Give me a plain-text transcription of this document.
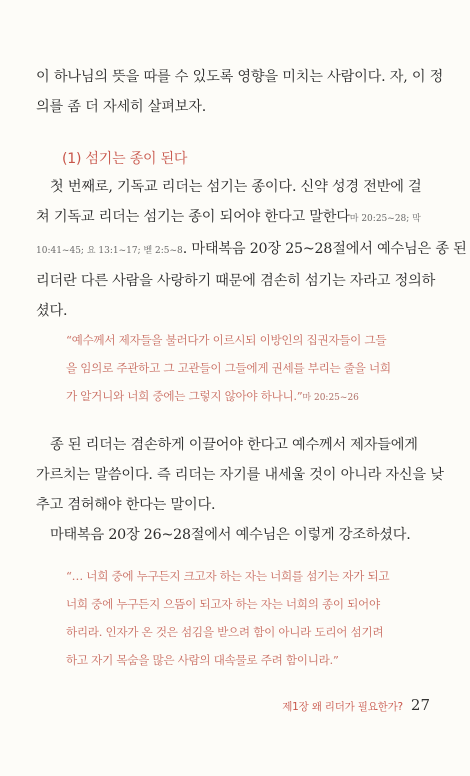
이 하나님의 뜻을 따를 수 있도록 영향을 미치는 사람이다. 자, 이 정
의를 좀 더 자세히 살펴보자.
(1) 섬기는 종이 된다
첫 번째로, 기독교 리더는 섬기는 종이다. 신약 성경 전반에 걸
쳐 기독교 리더는 섬기는 종이 되어야 한다고 말한다마 20:25~28; 막
10:41~45; 요 13:1~17; 벧 2:5~8. 마태복음 20장 25~28절에서 예수님은 종 된
리더란 다른 사람을 사랑하기 때문에 겸손히 섬기는 자라고 정의하
셨다.
“예수께서 제자들을 불러다가 이르시되 이방인의 집권자들이 그들
을 임의로 주관하고 그 고관들이 그들에게 권세를 부리는 줄을 너희
가 알거니와 너희 중에는 그렇지 않아야 하나니.”마 20:25~26
종 된 리더는 겸손하게 이끌어야 한다고 예수께서 제자들에게
가르치는 말씀이다. 즉 리더는 자기를 내세울 것이 아니라 자신을 낮
추고 겸허해야 한다는 말이다.
마태복음 20장 26~28절에서 예수님은 이렇게 강조하셨다.
“… 너희 중에 누구든지 크고자 하는 자는 너희를 섬기는 자가 되고
너희 중에 누구든지 으뜸이 되고자 하는 자는 너희의 종이 되어야
하리라. 인자가 온 것은 섬김을 받으려 함이 아니라 도리어 섬기려
하고 자기 목숨을 많은 사람의 대속물로 주려 함이니라.”
제1장 왜 리더가 필요한가? 27
